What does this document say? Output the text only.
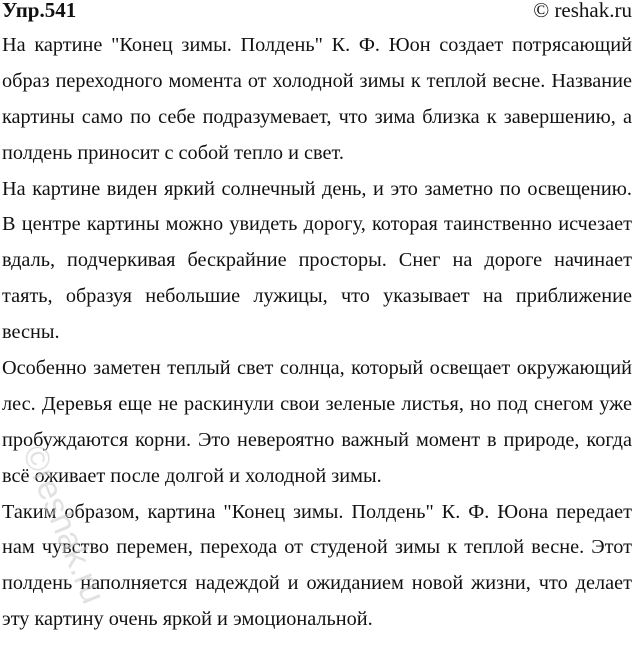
Упр.541	© reshak.ru
На картине "Конец зимы. Полдень" К. Ф. Юон создает потрясающий
образ переходного момента от холодной зимы к теплой весне. Название
картины само по себе подразумевает, что зима близка к завершению, а
полдень приносит с собой тепло и свет.
На картине виден яркий солнечный день, и это заметно по освещению.
В центре картины можно увидеть дорогу, которая таинственно исчезает
вдаль, подчеркивая бескрайние просторы. Снег на дороге начинает
таять, образуя небольшие лужицы, что указывает на приближение
весны.
Особенно заметен теплый свет солнца, который освещает окружающий
лес. Деревья еще не раскинули свои зеленые листья, но под снегом уже
пробуждаются корни. Это невероятно важный момент в природе, когда
всё оживает после долгой и холодной зимы.
Таким образом, картина "Конец зимы. Полдень" К. Ф. Юона передает
нам чувство перемен, перехода от студеной зимы к теплой весне. Этот
полдень наполняется надеждой и ожиданием новой жизни, что делает
эту картину очень яркой и эмоциональной.
©reshak.ru
